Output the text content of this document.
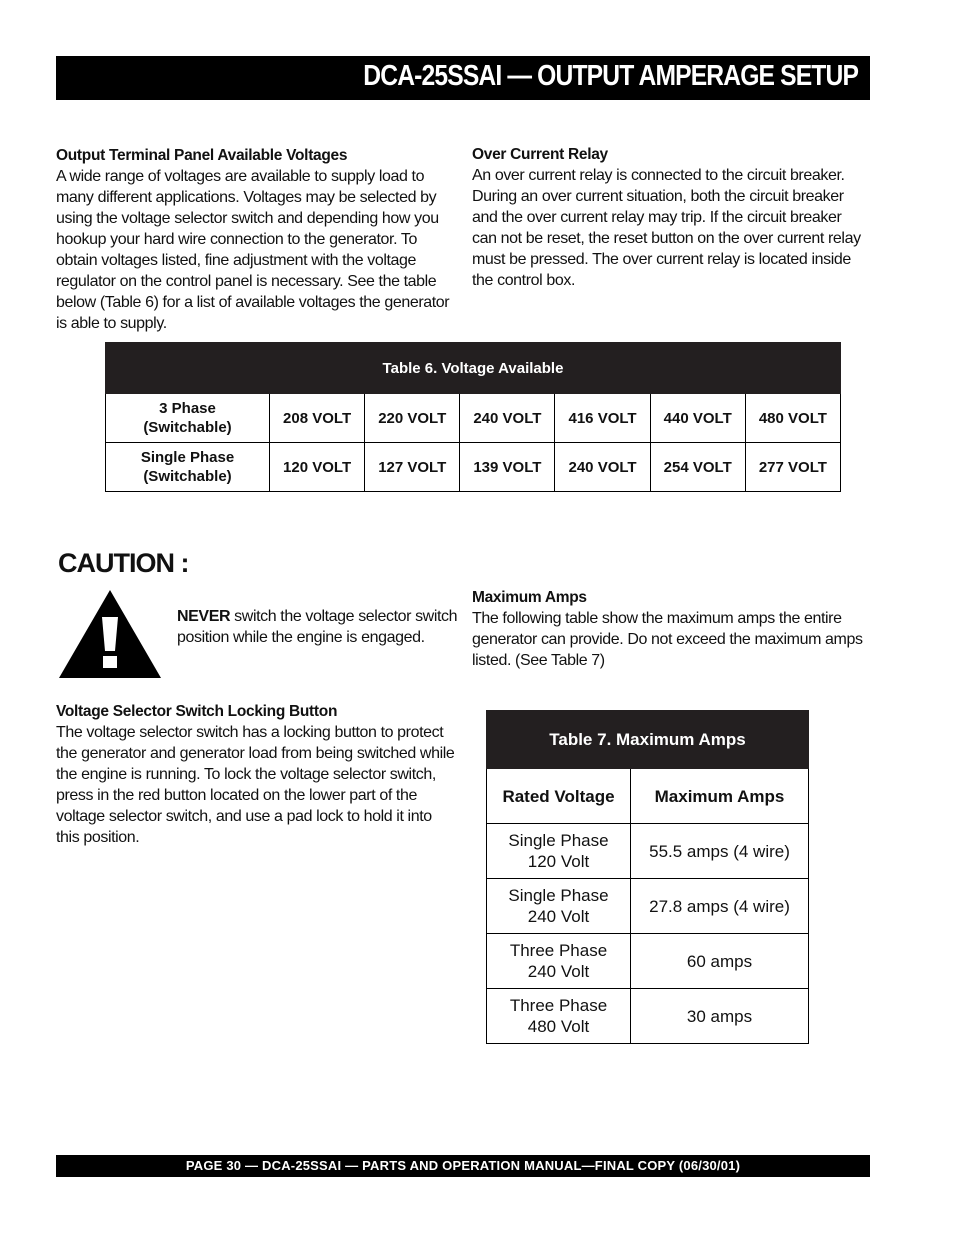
DCA-25SSAI — OUTPUT AMPERAGE SETUP
Output Terminal Panel Available Voltages
A wide range of voltages are available to supply load to
many different applications. Voltages may be selected by
using the voltage selector switch and depending how you
hookup your hard wire connection to the generator. To
obtain voltages listed, fine adjustment with the voltage
regulator on the control panel is necessary. See the table
below (Table 6) for a list of available voltages the generator
is able to supply.
Over Current Relay
An over current relay is connected to the circuit breaker.
During an over current situation, both the circuit breaker
and the over current relay may trip. If the circuit breaker
can not be reset, the reset button on the over current relay
must be pressed. The over current relay is located inside
the control box.
Table 6. Voltage Available						

3 Phase
(Switchable)	208 VOLT	220 VOLT	240 VOLT	416 VOLT	440 VOLT	480 VOLT

Single Phase
(Switchable)	120 VOLT	127 VOLT	139 VOLT	240 VOLT	254 VOLT	277 VOLT
CAUTION :
NEVER switch the voltage selector switch position while the engine is engaged.
Maximum Amps
The following table show the maximum amps the entire
generator can provide. Do not exceed the maximum amps
listed. (See Table 7)
Voltage Selector Switch Locking Button
The voltage selector switch has a locking button to protect
the generator and generator load from being switched while
the engine is running. To lock the voltage selector switch,
press in the red button located on the lower part of the
voltage selector switch, and use a pad lock to hold it into
this position.
Table 7. Maximum Amps	
Rated Voltage	Maximum Amps

Single Phase
120 Volt	55.5 amps (4 wire)

Single Phase
240 Volt	27.8 amps (4 wire)

Three Phase
240 Volt	60 amps

Three Phase
480 Volt	30 amps
PAGE 30 — DCA-25SSAI — PARTS AND OPERATION MANUAL—FINAL COPY (06/30/01)
